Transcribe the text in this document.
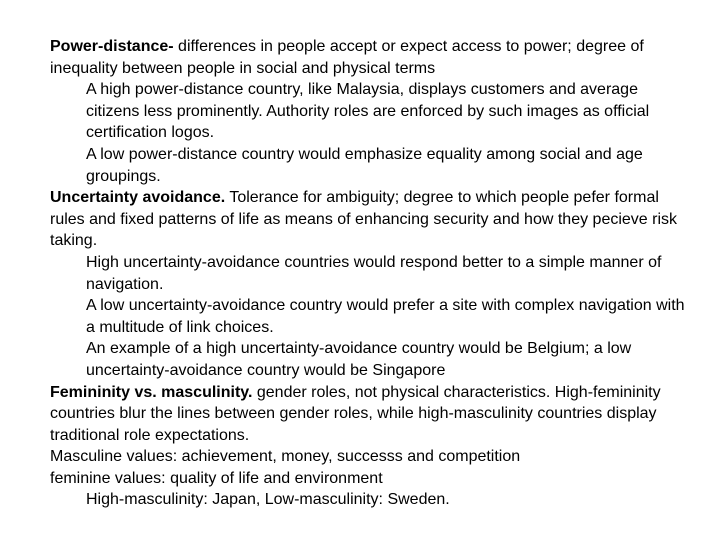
Power-distance- differences in people accept or expect access to power; degree of inequality between people in social and physical terms

A high power-distance country, like Malaysia, displays customers and average citizens less prominently. Authority roles are enforced by such images as official certification logos.

A low power-distance country would emphasize equality among social and age groupings.

Uncertainty avoidance. Tolerance for ambiguity; degree to which people pefer formal rules and fixed patterns of life as means of enhancing security and how they pecieve risk taking.

High uncertainty-avoidance countries would respond better to a simple manner of navigation.

A low uncertainty-avoidance country would prefer a site with complex navigation with a multitude of link choices.

An example of a high uncertainty-avoidance country would be Belgium; a low uncertainty-avoidance country would be Singapore

Femininity vs. masculinity. gender roles, not physical characteristics. High-femininity countries blur the lines between gender roles, while high-masculinity countries display traditional role expectations.

Masculine values: achievement, money, successs and competition

feminine values: quality of life and environment

High-masculinity: Japan, Low-masculinity: Sweden.
